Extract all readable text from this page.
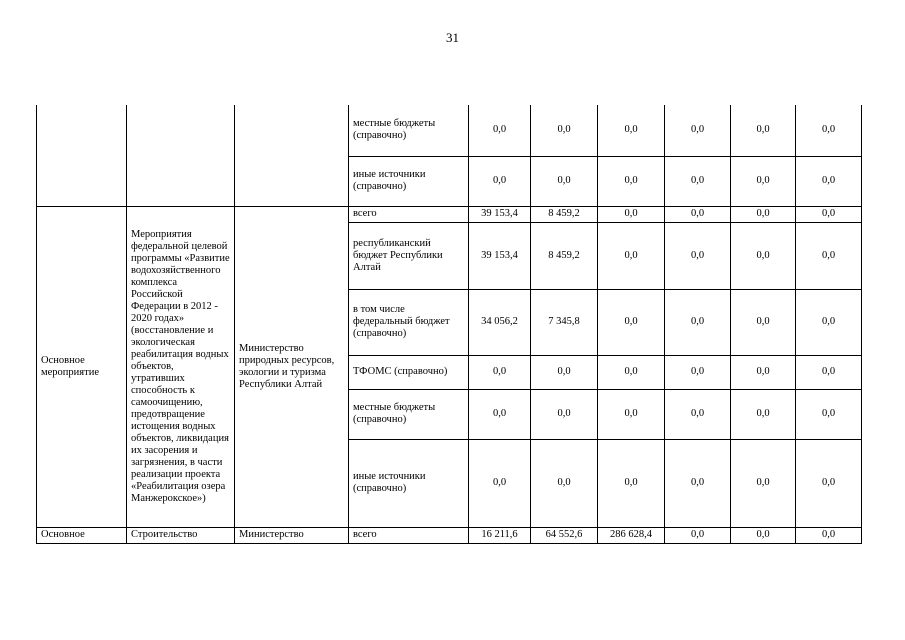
31
			местные бюджеты (справочно)	0,0	0,0	0,0	0,0	0,0	0,0
			иные источники (справочно)	0,0	0,0	0,0	0,0	0,0	0,0
Основное мероприятие	Мероприятия федеральной целевой программы «Развитие водохозяйственного комплекса Российской Федерации в 2012 - 2020 годах» (восстановление и экологическая реабилитация водных объектов, утративших способность к самоочищению, предотвращение истощения водных объектов, ликвидация их засорения и загрязнения, в части реализации проекта «Реабилитация озера Манжерокское»)	Министерство природных ресурсов, экологии и туризма Республики Алтай	всего	39 153,4	8 459,2	0,0	0,0	0,0	0,0
			республиканский бюджет Республики Алтай	39 153,4	8 459,2	0,0	0,0	0,0	0,0
			в том числе федеральный бюджет (справочно)	34 056,2	7 345,8	0,0	0,0	0,0	0,0
			ТФОМС (справочно)	0,0	0,0	0,0	0,0	0,0	0,0
			местные бюджеты (справочно)	0,0	0,0	0,0	0,0	0,0	0,0
			иные источники (справочно)	0,0	0,0	0,0	0,0	0,0	0,0
Основное	Строительство	Министерство	всего	16 211,6	64 552,6	286 628,4	0,0	0,0	0,0
